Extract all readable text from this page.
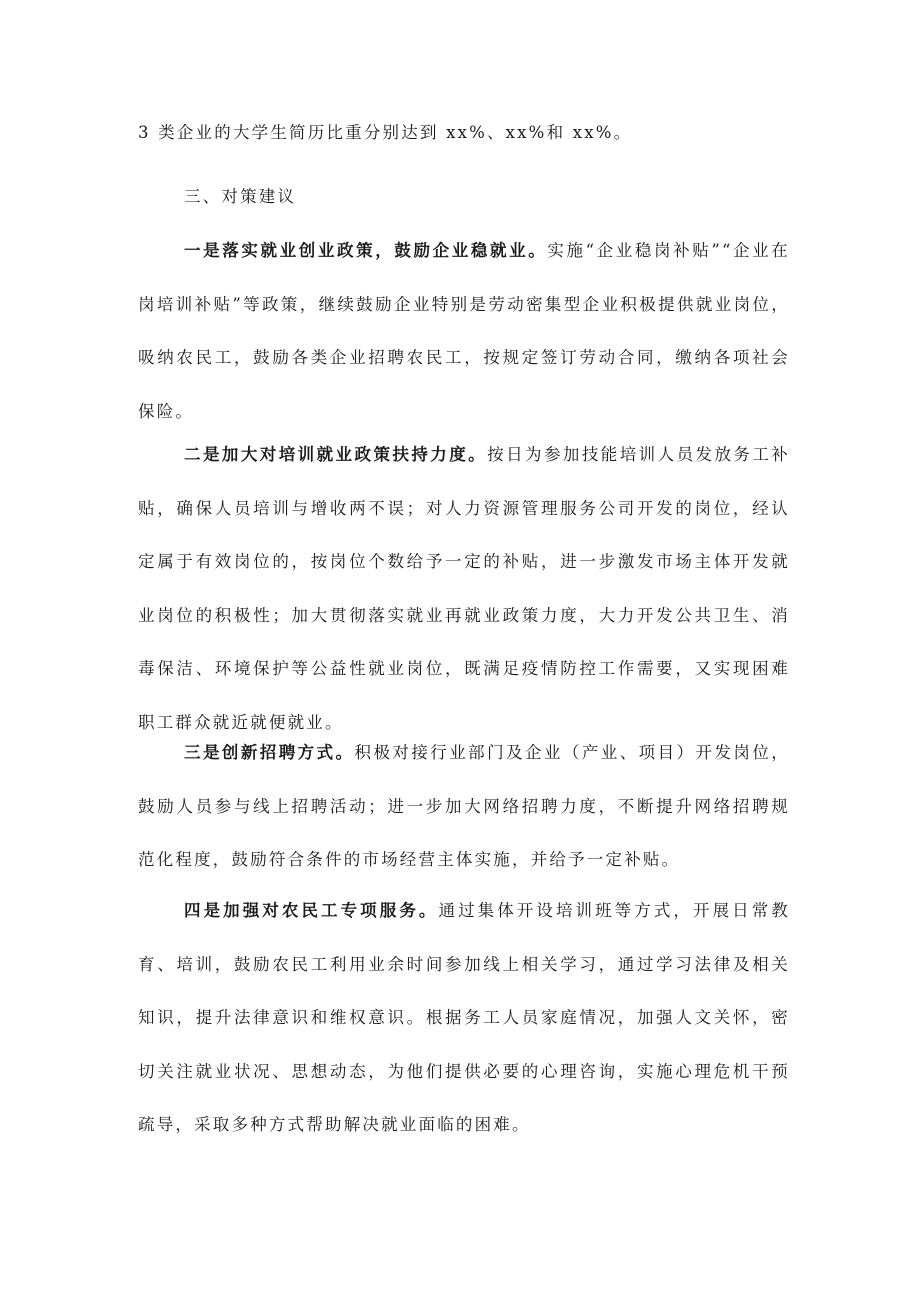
3 类企业的大学生简历比重分别达到 xx%、xx%和 xx%。

三、对策建议

一是落实就业创业政策，鼓励企业稳就业。实施“企业稳岗补贴”“企业在岗培训补贴”等政策，继续鼓励企业特别是劳动密集型企业积极提供就业岗位，吸纳农民工，鼓励各类企业招聘农民工，按规定签订劳动合同，缴纳各项社会保险。

二是加大对培训就业政策扶持力度。按日为参加技能培训人员发放务工补贴，确保人员培训与增收两不误；对人力资源管理服务公司开发的岗位，经认定属于有效岗位的，按岗位个数给予一定的补贴，进一步激发市场主体开发就业岗位的积极性；加大贯彻落实就业再就业政策力度，大力开发公共卫生、消毒保洁、环境保护等公益性就业岗位，既满足疫情防控工作需要，又实现困难职工群众就近就便就业。

三是创新招聘方式。积极对接行业部门及企业（产业、项目）开发岗位，鼓励人员参与线上招聘活动；进一步加大网络招聘力度，不断提升网络招聘规范化程度，鼓励符合条件的市场经营主体实施，并给予一定补贴。

四是加强对农民工专项服务。通过集体开设培训班等方式，开展日常教育、培训，鼓励农民工利用业余时间参加线上相关学习，通过学习法律及相关知识，提升法律意识和维权意识。根据务工人员家庭情况，加强人文关怀，密切关注就业状况、思想动态，为他们提供必要的心理咨询，实施心理危机干预疏导，采取多种方式帮助解决就业面临的困难。
